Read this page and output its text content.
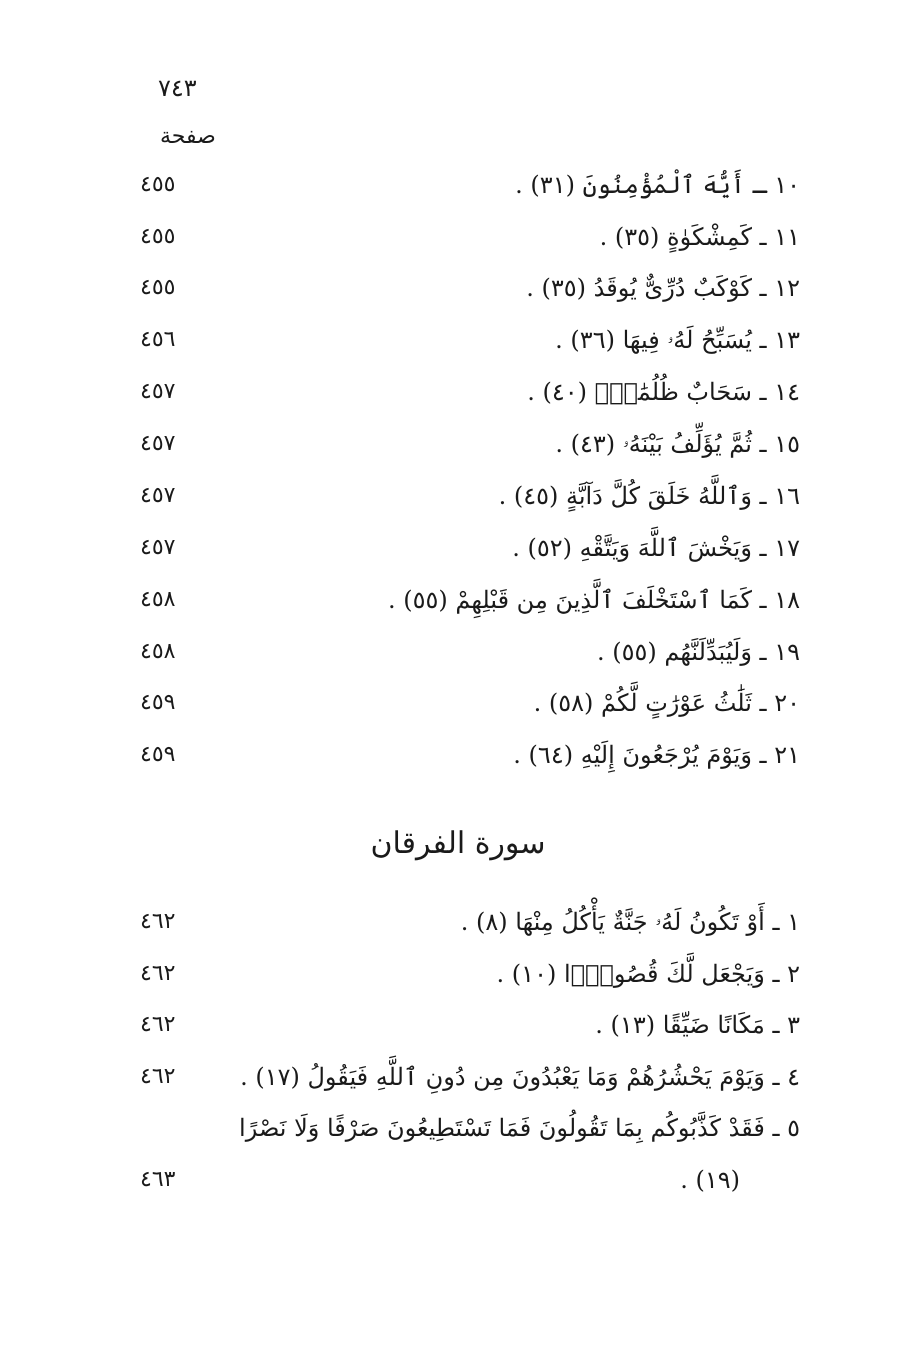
٧٤٣
صفحة
١٠ ـ أَيُّهَ ٱلْمُؤْمِنُونَ (٣١) .
٤٥٥
١١ ـ كَمِشْكَوٰةٍ (٣٥) .
٤٥٥
١٢ ـ كَوْكَبٌ دُرِّىٌّ يُوقَدُ (٣٥) .
٤٥٥
١٣ ـ يُسَبِّحُ لَهُۥ فِيهَا (٣٦) .
٤٥٦
١٤ ـ سَحَابٌ ظُلُمَٰتٌۢ (٤٠) .
٤٥٧
١٥ ـ ثُمَّ يُؤَلِّفُ بَيْنَهُۥ (٤٣) .
٤٥٧
١٦ ـ وَٱللَّهُ خَلَقَ كُلَّ دَآبَّةٍ (٤٥) .
٤٥٧
١٧ ـ وَيَخْشَ ٱللَّهَ وَيَتَّقْهِ (٥٢) .
٤٥٧
١٨ ـ كَمَا ٱسْتَخْلَفَ ٱلَّذِينَ مِن قَبْلِهِمْ (٥٥) .
٤٥٨
١٩ ـ وَلَيُبَدِّلَنَّهُم (٥٥) .
٤٥٨
٢٠ ـ ثَلَٰثُ عَوْرَٰتٍ لَّكُمْ (٥٨) .
٤٥٩
٢١ ـ وَيَوْمَ يُرْجَعُونَ إِلَيْهِ (٦٤) .
٤٥٩
سورة الفرقان
١ ـ أَوْ تَكُونُ لَهُۥ جَنَّةٌ يَأْكُلُ مِنْهَا (٨) .
٤٦٢
٢ ـ وَيَجْعَل لَّكَ قُصُورًۢا (١٠) .
٤٦٢
٣ ـ مَكَانًا ضَيِّقًا (١٣) .
٤٦٢
٤ ـ وَيَوْمَ يَحْشُرُهُمْ وَمَا يَعْبُدُونَ مِن دُونِ ٱللَّهِ فَيَقُولُ (١٧) .
٤٦٢
٥ ـ فَقَدْ كَذَّبُوكُم بِمَا تَقُولُونَ فَمَا تَسْتَطِيعُونَ صَرْفًا وَلَا نَصْرًا
(١٩) .
٤٦٣
